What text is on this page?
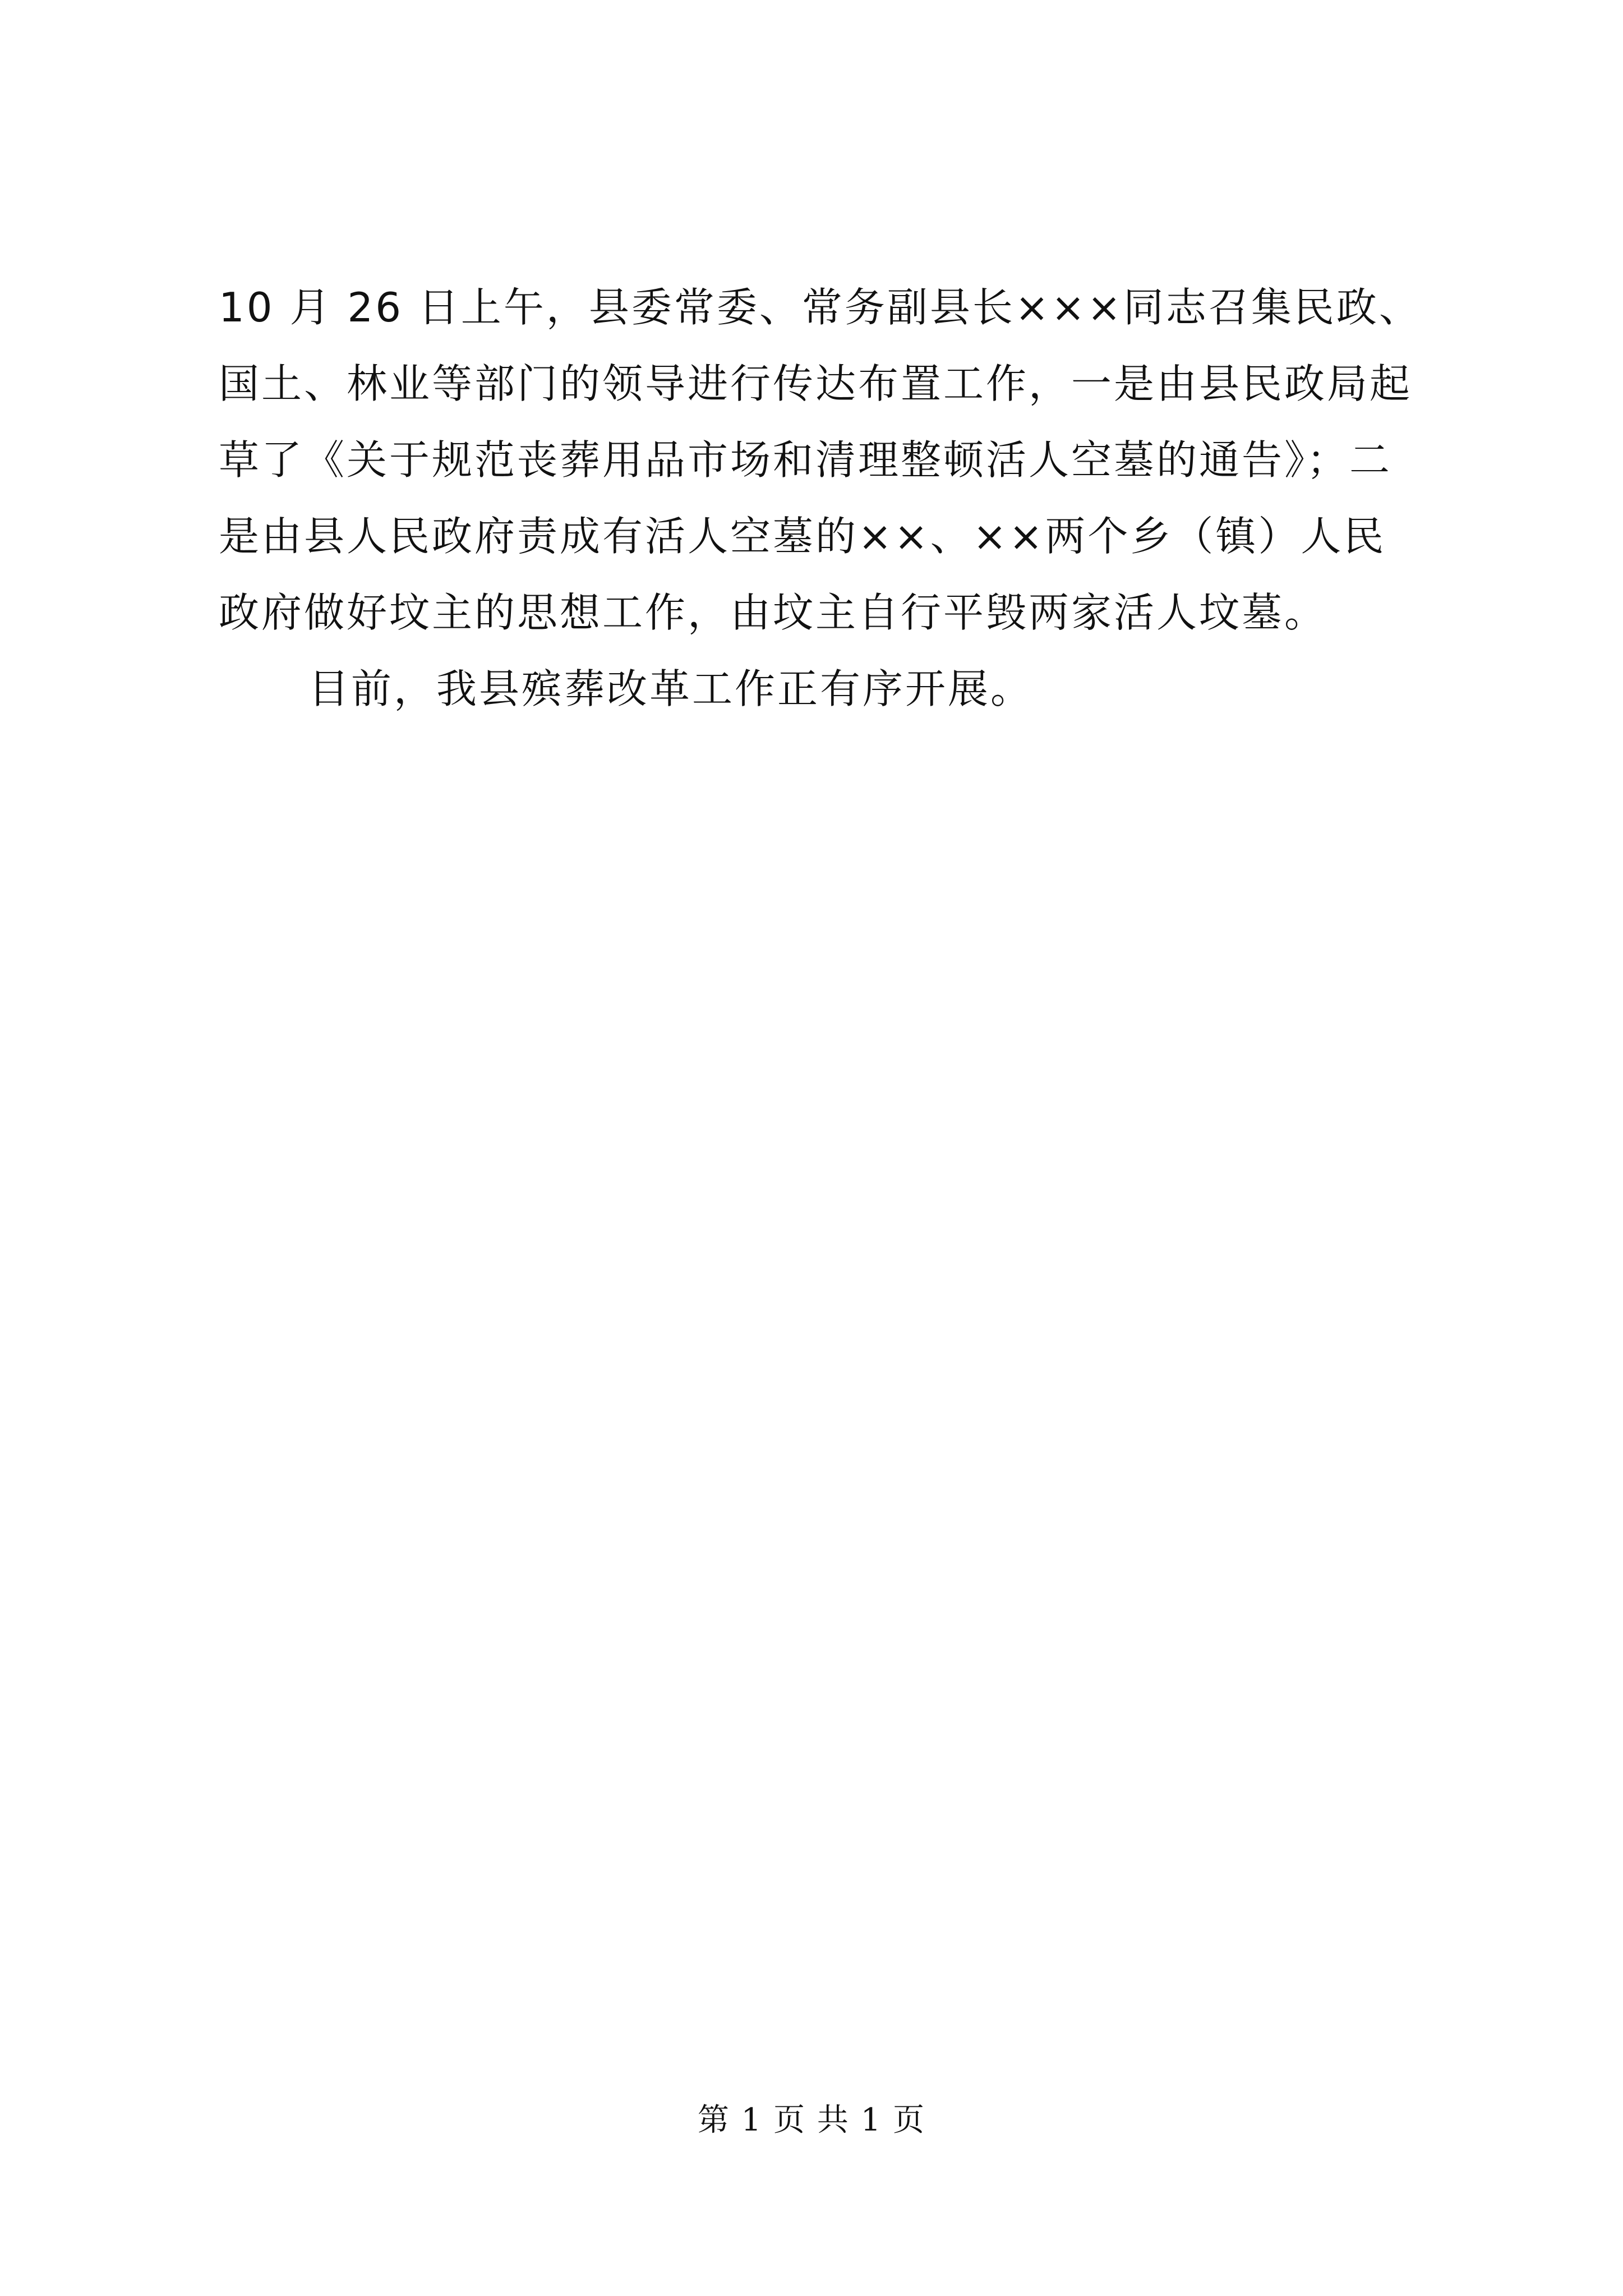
10 月 26 日上午，县委常委、常务副县长×××同志召集民政、
国土、林业等部门的领导进行传达布置工作，一是由县民政局起
草了《关于规范丧葬用品市场和清理整顿活人空墓的通告》；二
是由县人民政府责成有活人空墓的××、××两个乡（镇）人民
政府做好坟主的思想工作，由坟主自行平毁两家活人坟墓。
目前，我县殡葬改革工作正有序开展。
第 1 页 共 1 页
